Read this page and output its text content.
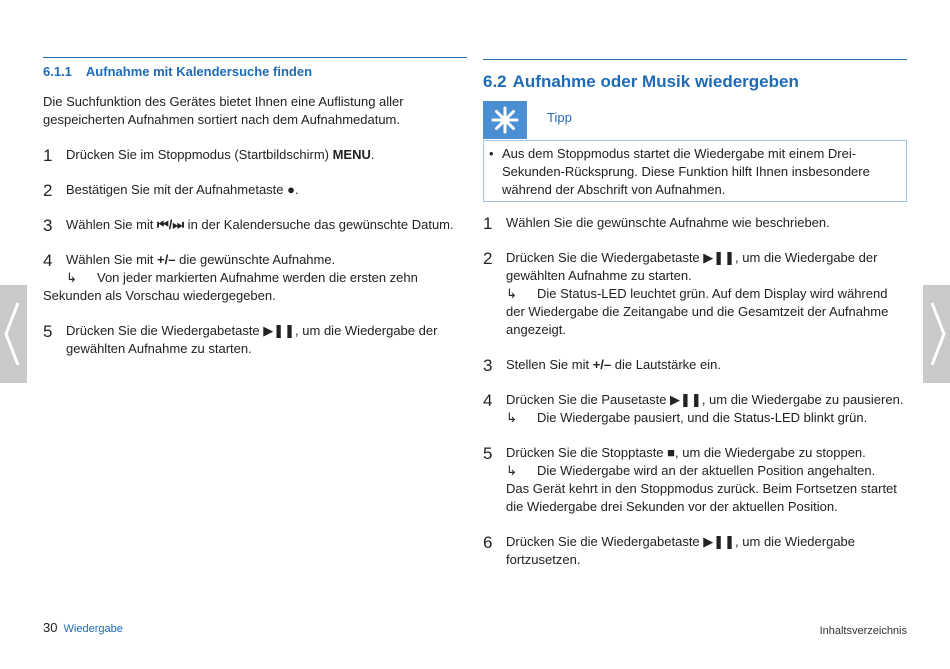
6.1.1 Aufnahme mit Kalendersuche finden

Die Suchfunktion des Gerätes bietet Ihnen eine Auflistung aller gespeicherten Aufnahmen sortiert nach dem Aufnahmedatum.

1 Drücken Sie im Stoppmodus (Startbildschirm) MENU.
2 Bestätigen Sie mit der Aufnahmetaste ●.
3 Wählen Sie mit ⏮/⏭ in der Kalendersuche das gewünschte Datum.
4 Wählen Sie mit +/– die gewünschte Aufnahme.
↳ Von jeder markierten Aufnahme werden die ersten zehn
Sekunden als Vorschau wiedergegeben.
5 Drücken Sie die Wiedergabetaste ▶❚❚, um die Wiedergabe der gewählten Aufnahme zu starten.
6.2 Aufnahme oder Musik wiedergeben
Tipp
• Aus dem Stoppmodus startet die Wiedergabe mit einem Drei-Sekunden-Rücksprung. Diese Funktion hilft Ihnen insbesondere während der Abschrift von Aufnahmen.
1 Wählen Sie die gewünschte Aufnahme wie beschrieben.
2 Drücken Sie die Wiedergabetaste ▶❚❚, um die Wiedergabe der gewählten Aufnahme zu starten.
↳ Die Status-LED leuchtet grün. Auf dem Display wird während
der Wiedergabe die Zeitangabe und die Gesamtzeit der Aufnahme angezeigt.
3 Stellen Sie mit +/– die Lautstärke ein.
4 Drücken Sie die Pausetaste ▶❚❚, um die Wiedergabe zu pausieren.
↳ Die Wiedergabe pausiert, und die Status-LED blinkt grün.
5 Drücken Sie die Stopptaste ■, um die Wiedergabe zu stoppen.
↳ Die Wiedergabe wird an der aktuellen Position angehalten.
Das Gerät kehrt in den Stoppmodus zurück. Beim Fortsetzen startet die Wiedergabe drei Sekunden vor der aktuellen Position.
6 Drücken Sie die Wiedergabetaste ▶❚❚, um die Wiedergabe fortzusetzen.
30 Wiedergabe	Inhaltsverzeichnis
